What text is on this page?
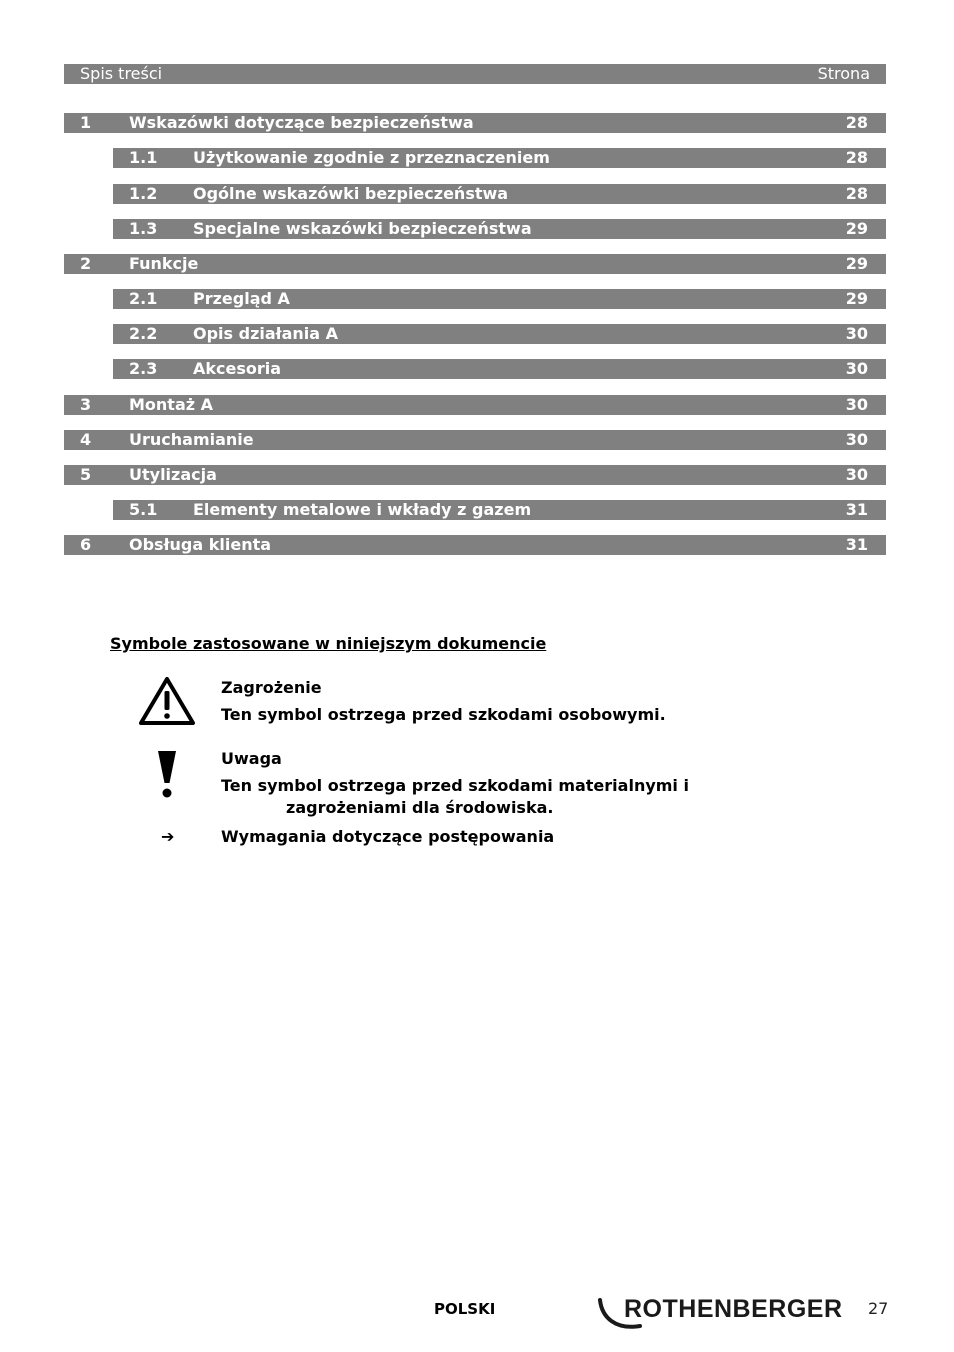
Spis treści	Strona
1 Wskazówki dotyczące bezpieczeństwa	28
1.1 Użytkowanie zgodnie z przeznaczeniem	28
1.2 Ogólne wskazówki bezpieczeństwa	28
1.3 Specjalne wskazówki bezpieczeństwa	29
2 Funkcje	29
2.1 Przegląd A	29
2.2 Opis działania A	30
2.3 Akcesoria	30
3 Montaż A	30
4 Uruchamianie	30
5 Utylizacja	30
5.1 Elementy metalowe i wkłady z gazem	31
6 Obsługa klienta	31
Symbole zastosowane w niniejszym dokumencie
Zagrożenie
Ten symbol ostrzega przed szkodami osobowymi.
Uwaga
Ten symbol ostrzega przed szkodami materialnymi i
zagrożeniami dla środowiska.
➔	Wymagania dotyczące postępowania
POLSKI	ROTHENBERGER 27
